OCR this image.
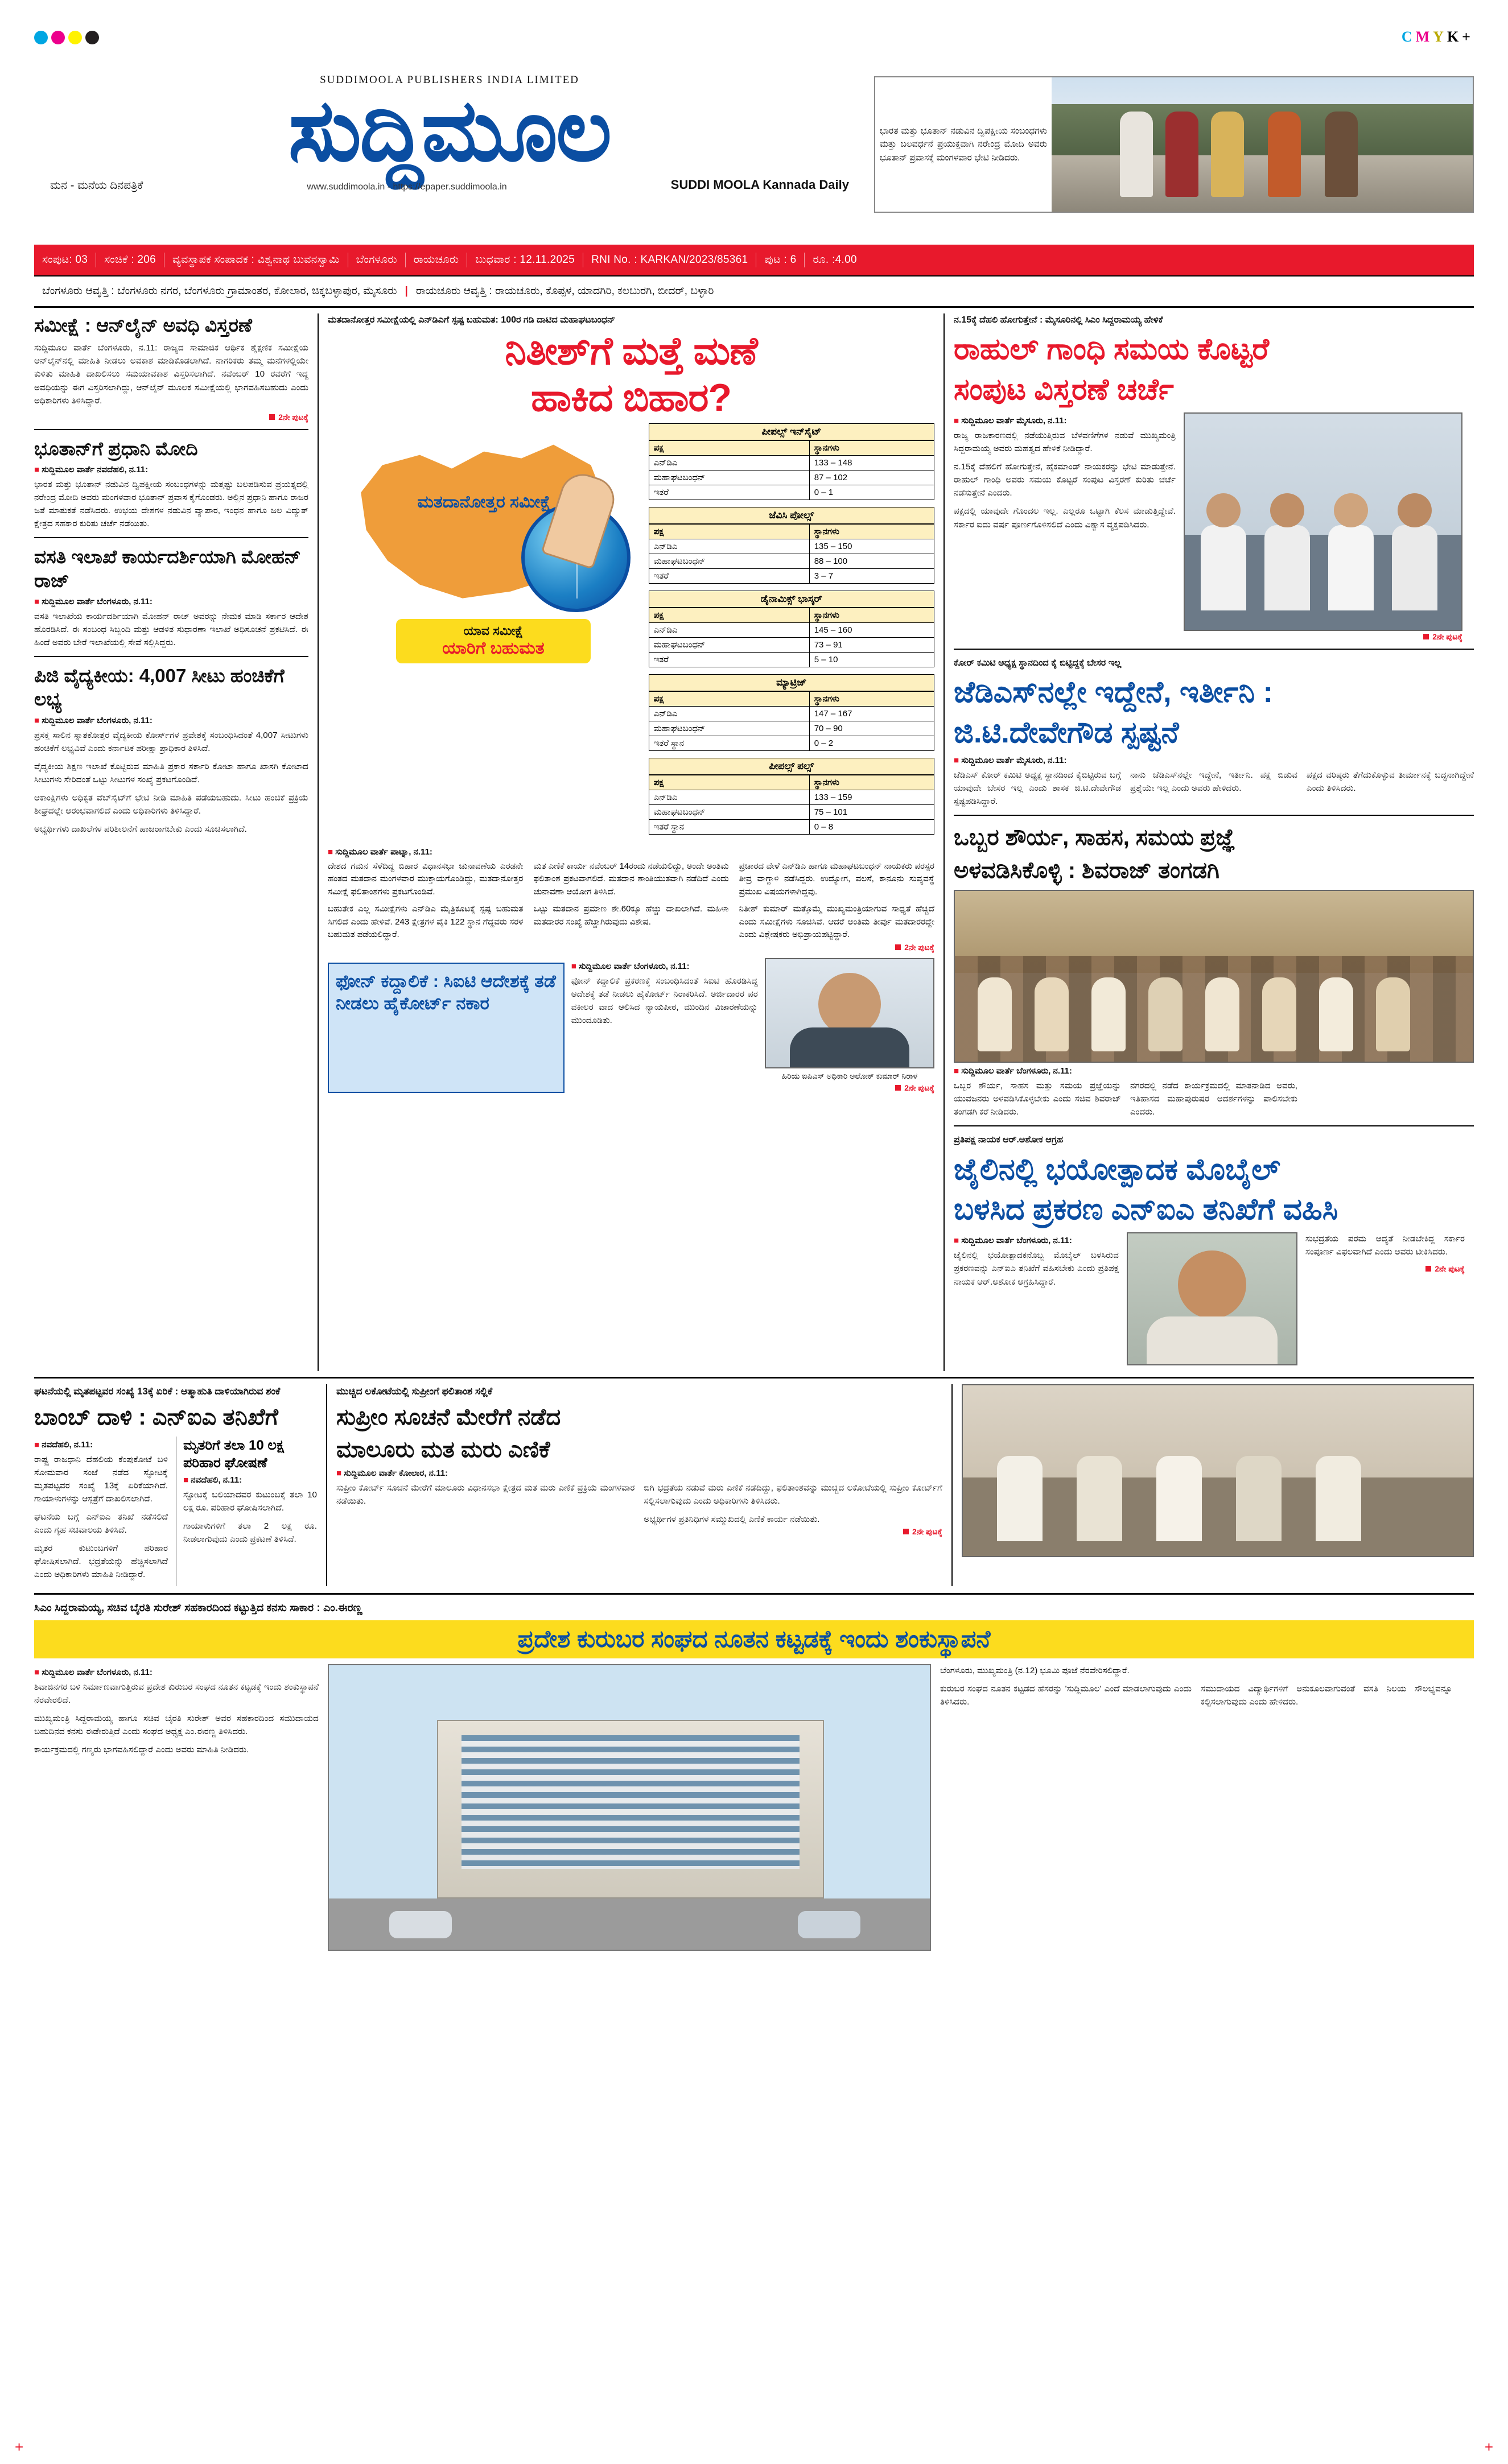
CMYK+
SUDDIMOOLA PUBLISHERS INDIA LIMITED
ಸುದ್ದಿಮೂಲ
ಮನ - ಮನೆಯ ದಿನಪತ್ರಿಕೆ	www.suddimoola.in - https://epaper.suddimoola.in	SUDDI MOOLA Kannada Daily

ಭಾರತ ಮತ್ತು ಭೂತಾನ್ ನಡುವಿನ ದ್ವಿಪಕ್ಷೀಯ ಸಂಬಂಧಗಳು ಮತ್ತು ಬಲವರ್ಧನೆ ಪ್ರಯುಕ್ತವಾಗಿ ನರೇಂದ್ರ ಮೋದಿ ಅವರು ಭೂತಾನ್ ಪ್ರವಾಸಕ್ಕೆ ಮಂಗಳವಾರ ಭೇಟಿ ನೀಡಿದರು.

ಸಂಪುಟ: 03	ಸಂಚಿಕೆ : 206	ವ್ಯವಸ್ಥಾಪಕ ಸಂಪಾದಕ : ವಿಶ್ವನಾಥ ಬುವನಸ್ವಾಮಿ	ಬೆಂಗಳೂರು	ರಾಯಚೂರು	ಬುಧವಾರ : 12.11.2025	RNI No. : KARKAN/2023/85361	ಪುಟ : 6	ರೂ. :4.00
ಬೆಂಗಳೂರು ಆವೃತ್ತಿ : ಬೆಂಗಳೂರು ನಗರ, ಬೆಂಗಳೂರು ಗ್ರಾಮಾಂತರ, ಕೋಲಾರ, ಚಿಕ್ಕಬಳ್ಳಾಪುರ, ಮೈಸೂರು | ರಾಯಚೂರು ಆವೃತ್ತಿ : ರಾಯಚೂರು, ಕೊಪ್ಪಳ, ಯಾದಗಿರಿ, ಕಲಬುರಗಿ, ಬೀದರ್, ಬಳ್ಳಾರಿ
ಸಮೀಕ್ಷೆ : ಆನ್‌ಲೈನ್ ಅವಧಿ ವಿಸ್ತರಣೆ

ಸುದ್ದಿಮೂಲ ವಾರ್ತೆ ಬೆಂಗಳೂರು, ನ.11: ರಾಜ್ಯದ ಸಾಮಾಜಿಕ ಆರ್ಥಿಕ ಶೈಕ್ಷಣಿಕ ಸಮೀಕ್ಷೆಯ ಆನ್‌ಲೈನ್‌ನಲ್ಲಿ ಮಾಹಿತಿ ನೀಡಲು ಅವಕಾಶ ಮಾಡಿಕೊಡಲಾಗಿದೆ. ನಾಗರಿಕರು ತಮ್ಮ ಮನೆಗಳಲ್ಲಿಯೇ ಕುಳಿತು ಮಾಹಿತಿ ದಾಖಲಿಸಲು ಸಮಯಾವಕಾಶ ವಿಸ್ತರಿಸಲಾಗಿದೆ. ನವೆಂಬರ್ 10 ರವರೆಗೆ ಇದ್ದ ಅವಧಿಯನ್ನು ಈಗ ವಿಸ್ತರಿಸಲಾಗಿದ್ದು, ಆನ್‌ಲೈನ್ ಮೂಲಕ ಸಮೀಕ್ಷೆಯಲ್ಲಿ ಭಾಗವಹಿಸಬಹುದು ಎಂದು ಅಧಿಕಾರಿಗಳು ತಿಳಿಸಿದ್ದಾರೆ.

2ನೇ ಪುಟಕ್ಕೆ
ಭೂತಾನ್‌ಗೆ ಪ್ರಧಾನಿ ಮೋದಿ
■ ಸುದ್ದಿಮೂಲ ವಾರ್ತೆ ನವದೆಹಲಿ, ನ.11:

ಭಾರತ ಮತ್ತು ಭೂತಾನ್ ನಡುವಿನ ದ್ವಿಪಕ್ಷೀಯ ಸಂಬಂಧಗಳನ್ನು ಮತ್ತಷ್ಟು ಬಲಪಡಿಸುವ ಪ್ರಯತ್ನದಲ್ಲಿ ನರೇಂದ್ರ ಮೋದಿ ಅವರು ಮಂಗಳವಾರ ಭೂತಾನ್ ಪ್ರವಾಸ ಕೈಗೊಂಡರು. ಅಲ್ಲಿನ ಪ್ರಧಾನಿ ಹಾಗೂ ರಾಜರ ಜತೆ ಮಾತುಕತೆ ನಡೆಸಿದರು. ಉಭಯ ದೇಶಗಳ ನಡುವಿನ ವ್ಯಾಪಾರ, ಇಂಧನ ಹಾಗೂ ಜಲ ವಿದ್ಯುತ್ ಕ್ಷೇತ್ರದ ಸಹಕಾರ ಕುರಿತು ಚರ್ಚೆ ನಡೆಯಿತು.

ವಸತಿ ಇಲಾಖೆ ಕಾರ್ಯದರ್ಶಿಯಾಗಿ ಮೋಹನ್ ರಾಜ್
■ ಸುದ್ದಿಮೂಲ ವಾರ್ತೆ ಬೆಂಗಳೂರು, ನ.11:

ವಸತಿ ಇಲಾಖೆಯ ಕಾರ್ಯದರ್ಶಿಯಾಗಿ ಮೋಹನ್ ರಾಜ್ ಅವರನ್ನು ನೇಮಕ ಮಾಡಿ ಸರ್ಕಾರ ಆದೇಶ ಹೊರಡಿಸಿದೆ. ಈ ಸಂಬಂಧ ಸಿಬ್ಬಂದಿ ಮತ್ತು ಆಡಳಿತ ಸುಧಾರಣಾ ಇಲಾಖೆ ಅಧಿಸೂಚನೆ ಪ್ರಕಟಿಸಿದೆ. ಈ ಹಿಂದೆ ಅವರು ಬೇರೆ ಇಲಾಖೆಯಲ್ಲಿ ಸೇವೆ ಸಲ್ಲಿಸಿದ್ದರು.

ಪಿಜಿ ವೈದ್ಯಕೀಯ: 4,007 ಸೀಟು ಹಂಚಿಕೆಗೆ ಲಭ್ಯ
■ ಸುದ್ದಿಮೂಲ ವಾರ್ತೆ ಬೆಂಗಳೂರು, ನ.11:

ಪ್ರಸಕ್ತ ಸಾಲಿನ ಸ್ನಾತಕೋತ್ತರ ವೈದ್ಯಕೀಯ ಕೋರ್ಸ್‌ಗಳ ಪ್ರವೇಶಕ್ಕೆ ಸಂಬಂಧಿಸಿದಂತೆ 4,007 ಸೀಟುಗಳು ಹಂಚಿಕೆಗೆ ಲಭ್ಯವಿವೆ ಎಂದು ಕರ್ನಾಟಕ ಪರೀಕ್ಷಾ ಪ್ರಾಧಿಕಾರ ತಿಳಿಸಿದೆ.

ವೈದ್ಯಕೀಯ ಶಿಕ್ಷಣ ಇಲಾಖೆ ಕೊಟ್ಟಿರುವ ಮಾಹಿತಿ ಪ್ರಕಾರ ಸರ್ಕಾರಿ ಕೋಟಾ ಹಾಗೂ ಖಾಸಗಿ ಕೋಟಾದ ಸೀಟುಗಳು ಸೇರಿದಂತೆ ಒಟ್ಟು ಸೀಟುಗಳ ಸಂಖ್ಯೆ ಪ್ರಕಟಗೊಂಡಿದೆ.

ಆಕಾಂಕ್ಷಿಗಳು ಅಧಿಕೃತ ವೆಬ್‌ಸೈಟ್‌ಗೆ ಭೇಟಿ ನೀಡಿ ಮಾಹಿತಿ ಪಡೆಯಬಹುದು. ಸೀಟು ಹಂಚಿಕೆ ಪ್ರಕ್ರಿಯೆ ಶೀಘ್ರದಲ್ಲೇ ಆರಂಭವಾಗಲಿದೆ ಎಂದು ಅಧಿಕಾರಿಗಳು ತಿಳಿಸಿದ್ದಾರೆ.

ಅಭ್ಯರ್ಥಿಗಳು ದಾಖಲೆಗಳ ಪರಿಶೀಲನೆಗೆ ಹಾಜರಾಗಬೇಕು ಎಂದು ಸೂಚಿಸಲಾಗಿದೆ.

ಮತದಾನೋತ್ತರ ಸಮೀಕ್ಷೆಯಲ್ಲಿ ಎನ್‌ಡಿಎಗೆ ಸ್ಪಷ್ಟ ಬಹುಮತ: 100ರ ಗಡಿ ದಾಟಿದ ಮಹಾಘಟಬಂಧನ್

ನಿತೀಶ್‌ಗೆ ಮತ್ತೆ ಮಣೆ
ಹಾಕಿದ ಬಿಹಾರ?
ಮತದಾನೋತ್ತರ ಸಮೀಕ್ಷೆ
ಯಾವ ಸಮೀಕ್ಷೆ
ಯಾರಿಗೆ ಬಹುಮತ
ಪೀಪಲ್ಸ್ ಇನ್‌ಸೈಟ್
ಪಕ್ಷ	ಸ್ಥಾನಗಳು
ಎನ್‌ಡಿಎ	133 – 148
ಮಹಾಘಟಬಂಧನ್	87 – 102
ಇತರೆ	0 – 1
ಜೆವಿಸಿ ಪೋಲ್ಸ್
ಪಕ್ಷ	ಸ್ಥಾನಗಳು
ಎನ್‌ಡಿಎ	135 – 150
ಮಹಾಘಟಬಂಧನ್	88 – 100
ಇತರೆ	3 – 7
ಡೈನಾಮಿಕ್ಸ್ ಭಾಸ್ಕರ್
ಪಕ್ಷ	ಸ್ಥಾನಗಳು
ಎನ್‌ಡಿಎ	145 – 160
ಮಹಾಘಟಬಂಧನ್	73 – 91
ಇತರೆ	5 – 10
ಮ್ಯಾಟ್ರಿಜ್
ಪಕ್ಷ	ಸ್ಥಾನಗಳು
ಎನ್‌ಡಿಎ	147 – 167
ಮಹಾಘಟಬಂಧನ್	70 – 90
ಇತರೆ ಸ್ಥಾನ	0 – 2
ಪೀಪಲ್ಸ್ ಪಲ್ಸ್
ಪಕ್ಷ	ಸ್ಥಾನಗಳು
ಎನ್‌ಡಿಎ	133 – 159
ಮಹಾಘಟಬಂಧನ್	75 – 101
ಇತರೆ ಸ್ಥಾನ	0 – 8
■ ಸುದ್ದಿಮೂಲ ವಾರ್ತೆ ಪಾಟ್ನಾ, ನ.11:

ದೇಶದ ಗಮನ ಸೆಳೆದಿದ್ದ ಬಿಹಾರ ವಿಧಾನಸಭಾ ಚುನಾವಣೆಯ ಎರಡನೇ ಹಂತದ ಮತದಾನ ಮಂಗಳವಾರ ಮುಕ್ತಾಯಗೊಂಡಿದ್ದು, ಮತದಾನೋತ್ತರ ಸಮೀಕ್ಷೆ ಫಲಿತಾಂಶಗಳು ಪ್ರಕಟಗೊಂಡಿವೆ.

ಬಹುತೇಕ ಎಲ್ಲ ಸಮೀಕ್ಷೆಗಳು ಎನ್‌ಡಿಎ ಮೈತ್ರಿಕೂಟಕ್ಕೆ ಸ್ಪಷ್ಟ ಬಹುಮತ ಸಿಗಲಿದೆ ಎಂದು ಹೇಳಿವೆ. 243 ಕ್ಷೇತ್ರಗಳ ಪೈಕಿ 122 ಸ್ಥಾನ ಗೆದ್ದವರು ಸರಳ ಬಹುಮತ ಪಡೆಯಲಿದ್ದಾರೆ.

ಮತ ಎಣಿಕೆ ಕಾರ್ಯ ನವೆಂಬರ್ 14ರಂದು ನಡೆಯಲಿದ್ದು, ಅಂದೇ ಅಂತಿಮ ಫಲಿತಾಂಶ ಪ್ರಕಟವಾಗಲಿದೆ. ಮತದಾನ ಶಾಂತಿಯುತವಾಗಿ ನಡೆದಿದೆ ಎಂದು ಚುನಾವಣಾ ಆಯೋಗ ತಿಳಿಸಿದೆ.

ಒಟ್ಟು ಮತದಾನ ಪ್ರಮಾಣ ಶೇ.60ಕ್ಕೂ ಹೆಚ್ಚು ದಾಖಲಾಗಿದೆ. ಮಹಿಳಾ ಮತದಾರರ ಸಂಖ್ಯೆ ಹೆಚ್ಚಾಗಿರುವುದು ವಿಶೇಷ.

ಪ್ರಚಾರದ ವೇಳೆ ಎನ್‌ಡಿಎ ಹಾಗೂ ಮಹಾಘಟಬಂಧನ್ ನಾಯಕರು ಪರಸ್ಪರ ತೀವ್ರ ವಾಗ್ದಾಳಿ ನಡೆಸಿದ್ದರು. ಉದ್ಯೋಗ, ವಲಸೆ, ಕಾನೂನು ಸುವ್ಯವಸ್ಥೆ ಪ್ರಮುಖ ವಿಷಯಗಳಾಗಿದ್ದವು.

ನಿತೀಶ್ ಕುಮಾರ್ ಮತ್ತೊಮ್ಮೆ ಮುಖ್ಯಮಂತ್ರಿಯಾಗುವ ಸಾಧ್ಯತೆ ಹೆಚ್ಚಿದೆ ಎಂದು ಸಮೀಕ್ಷೆಗಳು ಸೂಚಿಸಿವೆ. ಆದರೆ ಅಂತಿಮ ತೀರ್ಪು ಮತದಾರರದ್ದೇ ಎಂದು ವಿಶ್ಲೇಷಕರು ಅಭಿಪ್ರಾಯಪಟ್ಟಿದ್ದಾರೆ.

2ನೇ ಪುಟಕ್ಕೆ
ಫೋನ್ ಕದ್ದಾಲಿಕೆ : ಸಿಐಟಿ ಆದೇಶಕ್ಕೆ ತಡೆ ನೀಡಲು ಹೈಕೋರ್ಟ್ ನಕಾರ
■ ಸುದ್ದಿಮೂಲ ವಾರ್ತೆ ಬೆಂಗಳೂರು, ನ.11:

ಫೋನ್ ಕದ್ದಾಲಿಕೆ ಪ್ರಕರಣಕ್ಕೆ ಸಂಬಂಧಿಸಿದಂತೆ ಸಿಐಟಿ ಹೊರಡಿಸಿದ್ದ ಆದೇಶಕ್ಕೆ ತಡೆ ನೀಡಲು ಹೈಕೋರ್ಟ್ ನಿರಾಕರಿಸಿದೆ. ಅರ್ಜಿದಾರರ ಪರ ವಕೀಲರ ವಾದ ಆಲಿಸಿದ ನ್ಯಾಯಪೀಠ, ಮುಂದಿನ ವಿಚಾರಣೆಯನ್ನು ಮುಂದೂಡಿತು.

ಹಿರಿಯ ಐಪಿಎಸ್ ಅಧಿಕಾರಿ ಅಲೋಕ್ ಕುಮಾರ್ ನಿರಾಳ
2ನೇ ಪುಟಕ್ಕೆ

ನ.15ಕ್ಕೆ ದೆಹಲಿ ಹೋಗುತ್ತೇನೆ : ಮೈಸೂರಿನಲ್ಲಿ ಸಿಎಂ ಸಿದ್ದರಾಮಯ್ಯ ಹೇಳಿಕೆ

ರಾಹುಲ್ ಗಾಂಧಿ ಸಮಯ ಕೊಟ್ಟರೆ
ಸಂಪುಟ ವಿಸ್ತರಣೆ ಚರ್ಚೆ
■ ಸುದ್ದಿಮೂಲ ವಾರ್ತೆ ಮೈಸೂರು, ನ.11:

ರಾಜ್ಯ ರಾಜಕಾರಣದಲ್ಲಿ ನಡೆಯುತ್ತಿರುವ ಬೆಳವಣಿಗೆಗಳ ನಡುವೆ ಮುಖ್ಯಮಂತ್ರಿ ಸಿದ್ದರಾಮಯ್ಯ ಅವರು ಮಹತ್ವದ ಹೇಳಿಕೆ ನೀಡಿದ್ದಾರೆ.

ನ.15ಕ್ಕೆ ದೆಹಲಿಗೆ ಹೋಗುತ್ತೇನೆ, ಹೈಕಮಾಂಡ್ ನಾಯಕರನ್ನು ಭೇಟಿ ಮಾಡುತ್ತೇನೆ. ರಾಹುಲ್ ಗಾಂಧಿ ಅವರು ಸಮಯ ಕೊಟ್ಟರೆ ಸಂಪುಟ ವಿಸ್ತರಣೆ ಕುರಿತು ಚರ್ಚೆ ನಡೆಸುತ್ತೇನೆ ಎಂದರು.

ಪಕ್ಷದಲ್ಲಿ ಯಾವುದೇ ಗೊಂದಲ ಇಲ್ಲ. ಎಲ್ಲರೂ ಒಟ್ಟಾಗಿ ಕೆಲಸ ಮಾಡುತ್ತಿದ್ದೇವೆ. ಸರ್ಕಾರ ಐದು ವರ್ಷ ಪೂರ್ಣಗೊಳಿಸಲಿದೆ ಎಂದು ವಿಶ್ವಾಸ ವ್ಯಕ್ತಪಡಿಸಿದರು.

2ನೇ ಪುಟಕ್ಕೆ

ಕೋರ್ ಕಮಿಟಿ ಅಧ್ಯಕ್ಷ ಸ್ಥಾನದಿಂದ ಕೈ ಬಿಟ್ಟಿದ್ದಕ್ಕೆ ಬೇಸರ ಇಲ್ಲ

ಜೆಡಿಎಸ್‌ನಲ್ಲೇ ಇದ್ದೇನೆ, ಇರ್ತೀನಿ :
ಜಿ.ಟಿ.ದೇವೇಗೌಡ ಸ್ಪಷ್ಟನೆ
■ ಸುದ್ದಿಮೂಲ ವಾರ್ತೆ ಮೈಸೂರು, ನ.11:

ಜೆಡಿಎಸ್ ಕೋರ್ ಕಮಿಟಿ ಅಧ್ಯಕ್ಷ ಸ್ಥಾನದಿಂದ ಕೈಬಿಟ್ಟಿರುವ ಬಗ್ಗೆ ಯಾವುದೇ ಬೇಸರ ಇಲ್ಲ ಎಂದು ಶಾಸಕ ಜಿ.ಟಿ.ದೇವೇಗೌಡ ಸ್ಪಷ್ಟಪಡಿಸಿದ್ದಾರೆ.

ನಾನು ಜೆಡಿಎಸ್‌ನಲ್ಲೇ ಇದ್ದೇನೆ, ಇರ್ತೀನಿ. ಪಕ್ಷ ಬಿಡುವ ಪ್ರಶ್ನೆಯೇ ಇಲ್ಲ ಎಂದು ಅವರು ಹೇಳಿದರು.

ಪಕ್ಷದ ವರಿಷ್ಠರು ತೆಗೆದುಕೊಳ್ಳುವ ತೀರ್ಮಾನಕ್ಕೆ ಬದ್ಧನಾಗಿದ್ದೇನೆ ಎಂದು ತಿಳಿಸಿದರು.

ಒಬ್ಬರ ಶೌರ್ಯ, ಸಾಹಸ, ಸಮಯ ಪ್ರಜ್ಞೆ
ಅಳವಡಿಸಿಕೊಳ್ಳಿ : ಶಿವರಾಜ್ ತಂಗಡಗಿ
■ ಸುದ್ದಿಮೂಲ ವಾರ್ತೆ ಬೆಂಗಳೂರು, ನ.11:

ಒಬ್ಬರ ಶೌರ್ಯ, ಸಾಹಸ ಮತ್ತು ಸಮಯ ಪ್ರಜ್ಞೆಯನ್ನು ಯುವಜನರು ಅಳವಡಿಸಿಕೊಳ್ಳಬೇಕು ಎಂದು ಸಚಿವ ಶಿವರಾಜ್ ತಂಗಡಗಿ ಕರೆ ನೀಡಿದರು.

ನಗರದಲ್ಲಿ ನಡೆದ ಕಾರ್ಯಕ್ರಮದಲ್ಲಿ ಮಾತನಾಡಿದ ಅವರು, ಇತಿಹಾಸದ ಮಹಾಪುರುಷರ ಆದರ್ಶಗಳನ್ನು ಪಾಲಿಸಬೇಕು ಎಂದರು.

ಪ್ರತಿಪಕ್ಷ ನಾಯಕ ಆರ್.ಅಶೋಕ ಆಗ್ರಹ

ಜೈಲಿನಲ್ಲಿ ಭಯೋತ್ಪಾದಕ ಮೊಬೈಲ್
ಬಳಸಿದ ಪ್ರಕರಣ ಎನ್‌ಐಎ ತನಿಖೆಗೆ ವಹಿಸಿ
■ ಸುದ್ದಿಮೂಲ ವಾರ್ತೆ ಬೆಂಗಳೂರು, ನ.11:

ಜೈಲಿನಲ್ಲಿ ಭಯೋತ್ಪಾದಕನೊಬ್ಬ ಮೊಬೈಲ್ ಬಳಸಿರುವ ಪ್ರಕರಣವನ್ನು ಎನ್‌ಐಎ ತನಿಖೆಗೆ ವಹಿಸಬೇಕು ಎಂದು ಪ್ರತಿಪಕ್ಷ ನಾಯಕ ಆರ್.ಅಶೋಕ ಆಗ್ರಹಿಸಿದ್ದಾರೆ.

ಸುಭದ್ರತೆಯ ಪರಮ ಆದ್ಯತೆ ನೀಡಬೇಕಿದ್ದ ಸರ್ಕಾರ ಸಂಪೂರ್ಣ ವಿಫಲವಾಗಿದೆ ಎಂದು ಅವರು ಟೀಕಿಸಿದರು.

2ನೇ ಪುಟಕ್ಕೆ

ಘಟನೆಯಲ್ಲಿ ಮೃತಪಟ್ಟವರ ಸಂಖ್ಯೆ 13ಕ್ಕೆ ಏರಿಕೆ : ಆತ್ಮಾಹುತಿ ದಾಳಿಯಾಗಿರುವ ಶಂಕೆ

ಬಾಂಬ್ ದಾಳಿ : ಎನ್‌ಐಎ ತನಿಖೆಗೆ
■ ನವದೆಹಲಿ, ನ.11:

ರಾಷ್ಟ್ರ ರಾಜಧಾನಿ ದೆಹಲಿಯ ಕೆಂಪುಕೋಟೆ ಬಳಿ ಸೋಮವಾರ ಸಂಜೆ ನಡೆದ ಸ್ಫೋಟಕ್ಕೆ ಮೃತಪಟ್ಟವರ ಸಂಖ್ಯೆ 13ಕ್ಕೆ ಏರಿಕೆಯಾಗಿದೆ. ಗಾಯಾಳುಗಳನ್ನು ಆಸ್ಪತ್ರೆಗೆ ದಾಖಲಿಸಲಾಗಿದೆ.

ಘಟನೆಯ ಬಗ್ಗೆ ಎನ್‌ಐಎ ತನಿಖೆ ನಡೆಸಲಿದೆ ಎಂದು ಗೃಹ ಸಚಿವಾಲಯ ತಿಳಿಸಿದೆ.

ಮೃತರ ಕುಟುಂಬಗಳಿಗೆ ಪರಿಹಾರ ಘೋಷಿಸಲಾಗಿದೆ. ಭದ್ರತೆಯನ್ನು ಹೆಚ್ಚಿಸಲಾಗಿದೆ ಎಂದು ಅಧಿಕಾರಿಗಳು ಮಾಹಿತಿ ನೀಡಿದ್ದಾರೆ.

ಮೃತರಿಗೆ ತಲಾ 10 ಲಕ್ಷ ಪರಿಹಾರ ಘೋಷಣೆ
■ ನವದೆಹಲಿ, ನ.11:

ಸ್ಫೋಟಕ್ಕೆ ಬಲಿಯಾದವರ ಕುಟುಂಬಕ್ಕೆ ತಲಾ 10 ಲಕ್ಷ ರೂ. ಪರಿಹಾರ ಘೋಷಿಸಲಾಗಿದೆ.

ಗಾಯಾಳುಗಳಿಗೆ ತಲಾ 2 ಲಕ್ಷ ರೂ. ನೀಡಲಾಗುವುದು ಎಂದು ಪ್ರಕಟಣೆ ತಿಳಿಸಿದೆ.

ಮುಚ್ಚಿದ ಲಕೋಟೆಯಲ್ಲಿ ಸುಪ್ರೀಂಗೆ ಫಲಿತಾಂಶ ಸಲ್ಲಿಕೆ

ಸುಪ್ರೀಂ ಸೂಚನೆ ಮೇರೆಗೆ ನಡೆದ
ಮಾಲೂರು ಮತ ಮರು ಎಣಿಕೆ
■ ಸುದ್ದಿಮೂಲ ವಾರ್ತೆ ಕೋಲಾರ, ನ.11:

ಸುಪ್ರೀಂ ಕೋರ್ಟ್ ಸೂಚನೆ ಮೇರೆಗೆ ಮಾಲೂರು ವಿಧಾನಸಭಾ ಕ್ಷೇತ್ರದ ಮತ ಮರು ಎಣಿಕೆ ಪ್ರಕ್ರಿಯೆ ಮಂಗಳವಾರ ನಡೆಯಿತು.

ಬಿಗಿ ಭದ್ರತೆಯ ನಡುವೆ ಮರು ಎಣಿಕೆ ನಡೆದಿದ್ದು, ಫಲಿತಾಂಶವನ್ನು ಮುಚ್ಚಿದ ಲಕೋಟೆಯಲ್ಲಿ ಸುಪ್ರೀಂ ಕೋರ್ಟ್‌ಗೆ ಸಲ್ಲಿಸಲಾಗುವುದು ಎಂದು ಅಧಿಕಾರಿಗಳು ತಿಳಿಸಿದರು.

ಅಭ್ಯರ್ಥಿಗಳ ಪ್ರತಿನಿಧಿಗಳ ಸಮ್ಮುಖದಲ್ಲಿ ಎಣಿಕೆ ಕಾರ್ಯ ನಡೆಯಿತು.

2ನೇ ಪುಟಕ್ಕೆ

ಸಿಎಂ ಸಿದ್ದರಾಮಯ್ಯ, ಸಚಿವ ಬೈರತಿ ಸುರೇಶ್ ಸಹಕಾರದಿಂದ ಕಟ್ಟುತ್ತಿದ ಕನಸು ಸಾಕಾರ : ಎಂ.ಈರಣ್ಣ

ಪ್ರದೇಶ ಕುರುಬರ ಸಂಘದ ನೂತನ ಕಟ್ಟಡಕ್ಕೆ ಇಂದು ಶಂಕುಸ್ಥಾಪನೆ
■ ಸುದ್ದಿಮೂಲ ವಾರ್ತೆ ಬೆಂಗಳೂರು, ನ.11:

ಶಿವಾಜಿನಗರ ಬಳಿ ನಿರ್ಮಾಣವಾಗುತ್ತಿರುವ ಪ್ರದೇಶ ಕುರುಬರ ಸಂಘದ ನೂತನ ಕಟ್ಟಡಕ್ಕೆ ಇಂದು ಶಂಕುಸ್ಥಾಪನೆ ನೆರವೇರಲಿದೆ.

ಮುಖ್ಯಮಂತ್ರಿ ಸಿದ್ದರಾಮಯ್ಯ ಹಾಗೂ ಸಚಿವ ಬೈರತಿ ಸುರೇಶ್ ಅವರ ಸಹಕಾರದಿಂದ ಸಮುದಾಯದ ಬಹುದಿನದ ಕನಸು ಈಡೇರುತ್ತಿದೆ ಎಂದು ಸಂಘದ ಅಧ್ಯಕ್ಷ ಎಂ.ಈರಣ್ಣ ತಿಳಿಸಿದರು.

ಕಾರ್ಯಕ್ರಮದಲ್ಲಿ ಗಣ್ಯರು ಭಾಗವಹಿಸಲಿದ್ದಾರೆ ಎಂದು ಅವರು ಮಾಹಿತಿ ನೀಡಿದರು.

ಬೆಂಗಳೂರು, ಮುಖ್ಯಮಂತ್ರಿ (ನ.12) ಭೂಮಿ ಪೂಜೆ ನೆರವೇರಿಸಲಿದ್ದಾರೆ.

ಕುರುಬರ ಸಂಘದ ನೂತನ ಕಟ್ಟಡದ ಹೆಸರನ್ನು 'ಸುದ್ದಿಮೂಲ' ಎಂದೆ ಮಾಡಲಾಗುವುದು ಎಂದು ತಿಳಿಸಿದರು.

ಸಮುದಾಯದ ವಿದ್ಯಾರ್ಥಿಗಳಿಗೆ ಅನುಕೂಲವಾಗುವಂತೆ ವಸತಿ ನಿಲಯ ಸೌಲಭ್ಯವನ್ನೂ ಕಲ್ಪಿಸಲಾಗುವುದು ಎಂದು ಹೇಳಿದರು.

+	+
